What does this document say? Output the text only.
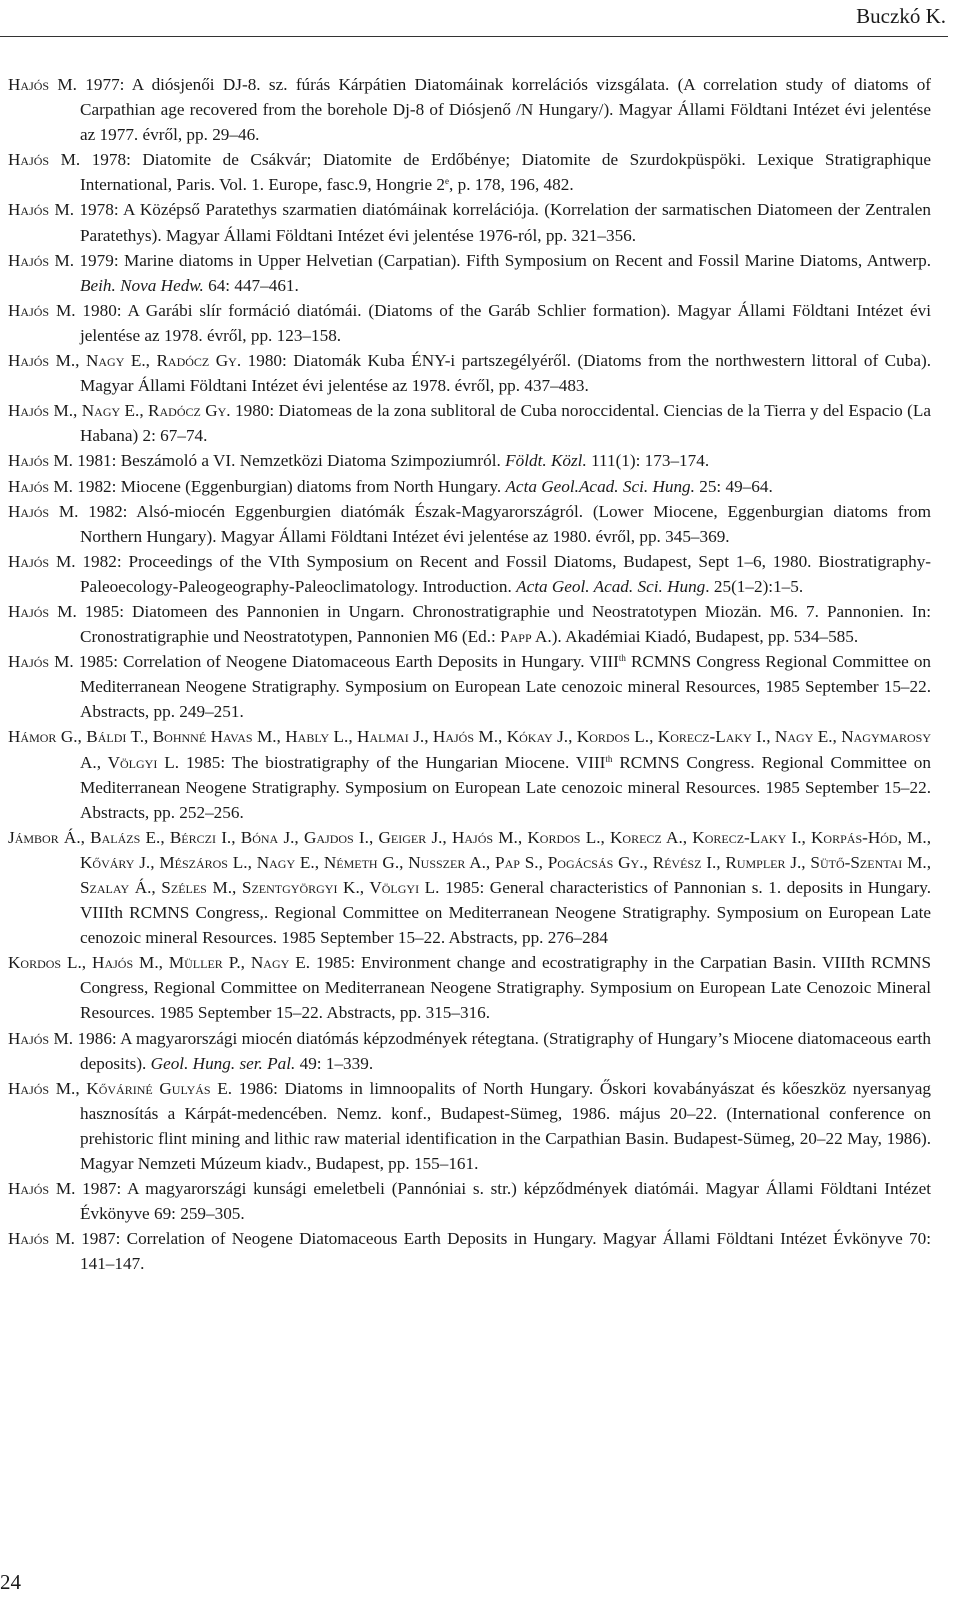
Buczkó K.

Hajós M. 1977: A diósjenői DJ-8. sz. fúrás Kárpátien Diatomáinak korrelációs vizsgálata. (A correlation study of diatoms of Carpathian age recovered from the borehole Dj-8 of Diósjenő /N Hungary/). Magyar Állami Földtani Intézet évi jelentése az 1977. évről, pp. 29–46.

Hajós M. 1978: Diatomite de Csákvár; Diatomite de Erdőbénye; Diatomite de Szurdokpüspöki. Lexique Stratigraphique International, Paris. Vol. 1. Europe, fasc.9, Hongrie 2e, p. 178, 196, 482.

Hajós M. 1978: A Középső Paratethys szarmatien diatómáinak korrelációja. (Korrelation der sarmatischen Diatomeen der Zentralen Paratethys). Magyar Állami Földtani Intézet évi jelentése 1976-ról, pp. 321–356.

Hajós M. 1979: Marine diatoms in Upper Helvetian (Carpatian). Fifth Symposium on Recent and Fossil Marine Diatoms, Antwerp. Beih. Nova Hedw. 64: 447–461.

Hajós M. 1980: A Garábi slír formáció diatómái. (Diatoms of the Garáb Schlier formation). Magyar Állami Földtani Intézet évi jelentése az 1978. évről, pp. 123–158.

Hajós M., Nagy E., Radócz Gy. 1980: Diatomák Kuba ÉNY-i partszegélyéről. (Diatoms from the northwestern littoral of Cuba). Magyar Állami Földtani Intézet évi jelentése az 1978. évről, pp. 437–483.

Hajós M., Nagy E., Radócz Gy. 1980: Diatomeas de la zona sublitoral de Cuba noroccidental. Ciencias de la Tierra y del Espacio (La Habana) 2: 67–74.

Hajós M. 1981: Beszámoló a VI. Nemzetközi Diatoma Szimpoziumról. Földt. Közl. 111(1): 173–174.

Hajós M. 1982: Miocene (Eggenburgian) diatoms from North Hungary. Acta Geol.Acad. Sci. Hung. 25: 49–64.

Hajós M. 1982: Alsó-miocén Eggenburgien diatómák Észak-Magyarországról. (Lower Miocene, Eggenburgian diatoms from Northern Hungary). Magyar Állami Földtani Intézet évi jelentése az 1980. évről, pp. 345–369.

Hajós M. 1982: Proceedings of the VIth Symposium on Recent and Fossil Diatoms, Budapest, Sept 1–6, 1980. Biostratigraphy-Paleoecology-Paleogeography-Paleoclimatology. Introduction. Acta Geol. Acad. Sci. Hung. 25(1–2):1–5.

Hajós M. 1985: Diatomeen des Pannonien in Ungarn. Chronostratigraphie und Neostratotypen Miozän. M6. 7. Pannonien. In: Cronostratigraphie und Neostratotypen, Pannonien M6 (Ed.: Papp A.). Akadémiai Kiadó, Budapest, pp. 534–585.

Hajós M. 1985: Correlation of Neogene Diatomaceous Earth Deposits in Hungary. VIIIth RCMNS Congress Regional Committee on Mediterranean Neogene Stratigraphy. Symposium on European Late cenozoic mineral Resources, 1985 September 15–22. Abstracts, pp. 249–251.

Hámor G., Báldi T., Bohnné Havas M., Hably L., Halmai J., Hajós M., Kókay J., Kordos L., Korecz-Laky I., Nagy E., Nagymarosy A., Völgyi L. 1985: The biostratigraphy of the Hungarian Miocene. VIIIth RCMNS Congress. Regional Committee on Mediterranean Neogene Stratigraphy. Symposium on European Late cenozoic mineral Resources. 1985 September 15–22. Abstracts, pp. 252–256.

Jámbor Á., Balázs E., Bérczi I., Bóna J., Gajdos I., Geiger J., Hajós M., Kordos L., Korecz A., Korecz-Laky I., Korpás-Hód, M., Kőváry J., Mészáros L., Nagy E., Németh G., Nusszer A., Pap S., Pogácsás Gy., Révész I., Rumpler J., Sütő-Szentai M., Szalay Á., Széles M., Szentgyörgyi K., Völgyi L. 1985: General characteristics of Pannonian s. 1. deposits in Hungary. VIIIth RCMNS Congress,. Regional Committee on Mediterranean Neogene Stratigraphy. Symposium on European Late cenozoic mineral Resources. 1985 September 15–22. Abstracts, pp. 276–284

Kordos L., Hajós M., Müller P., Nagy E. 1985: Environment change and ecostratigraphy in the Carpatian Basin. VIIIth RCMNS Congress, Regional Committee on Mediterranean Neogene Stratigraphy. Symposium on European Late Cenozoic Mineral Resources. 1985 September 15–22. Abstracts, pp. 315–316.

Hajós M. 1986: A magyarországi miocén diatómás képzodmények rétegtana. (Stratigraphy of Hungary’s Miocene diatomaceous earth deposits). Geol. Hung. ser. Pal. 49: 1–339.

Hajós M., Kőváriné Gulyás E. 1986: Diatoms in limnoopalits of North Hungary. Őskori kovabányászat és kőeszköz nyersanyag hasznosítás a Kárpát-medencében. Nemz. konf., Budapest-Sümeg, 1986. május 20–22. (International conference on prehistoric flint mining and lithic raw material identification in the Carpathian Basin. Budapest-Sümeg, 20–22 May, 1986). Magyar Nemzeti Múzeum kiadv., Budapest, pp. 155–161.

Hajós M. 1987: A magyarországi kunsági emeletbeli (Pannóniai s. str.) képződmények diatómái. Magyar Állami Földtani Intézet Évkönyve 69: 259–305.

Hajós M. 1987: Correlation of Neogene Diatomaceous Earth Deposits in Hungary. Magyar Állami Földtani Intézet Évkönyve 70: 141–147.

24
